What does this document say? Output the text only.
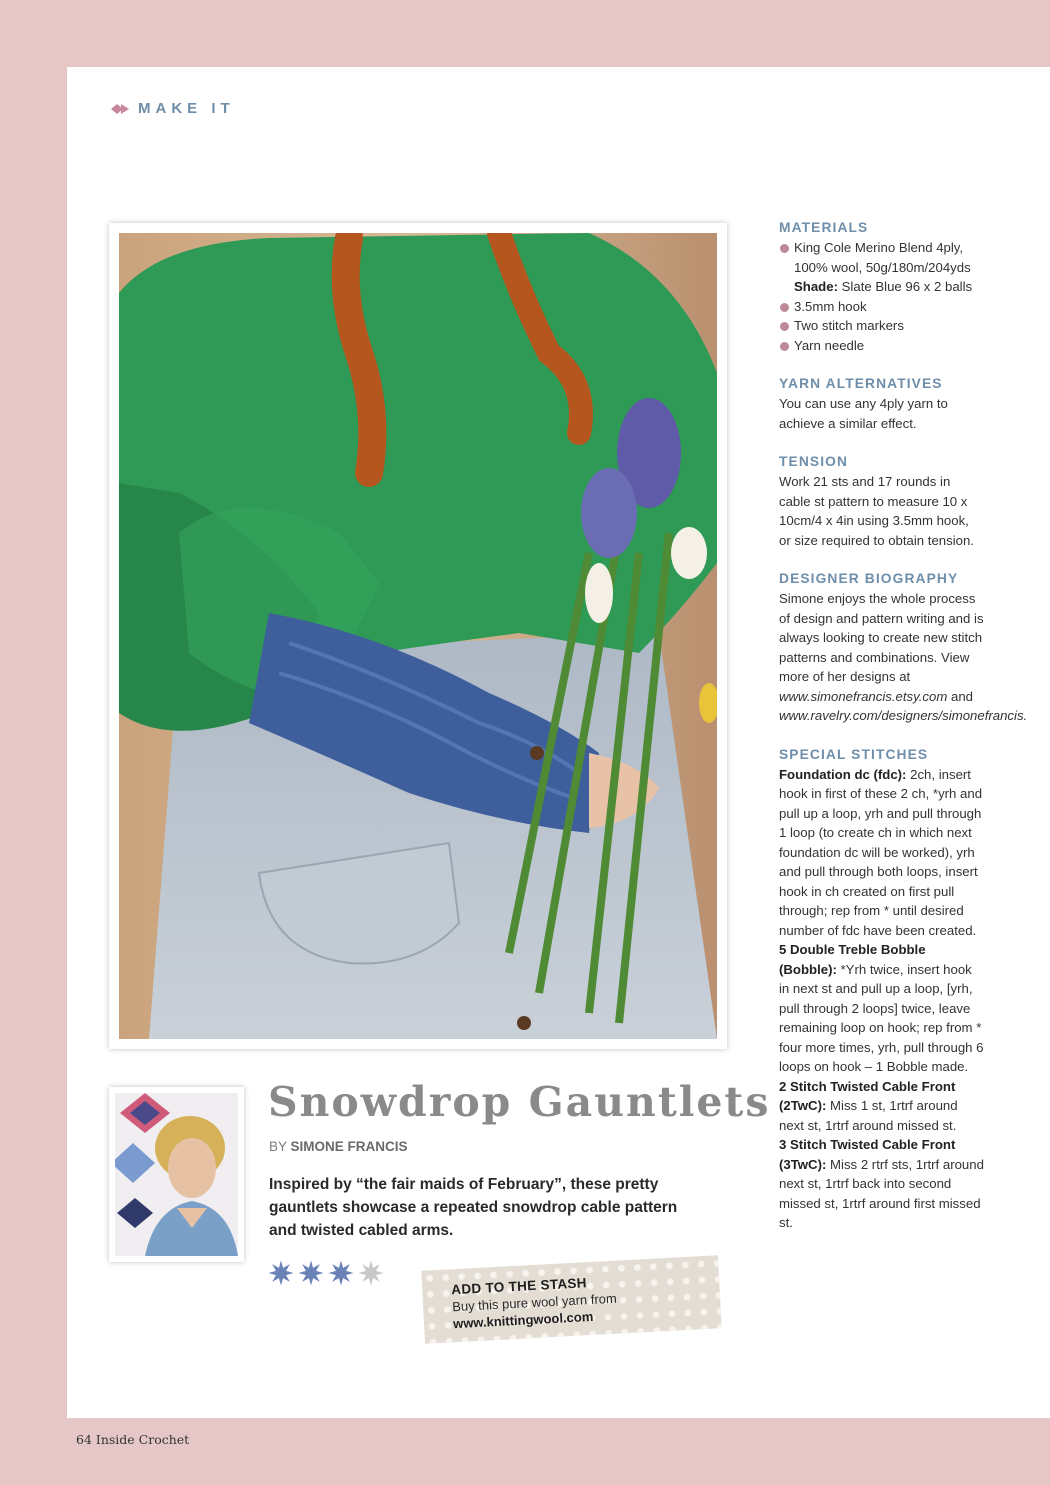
MAKE IT
Snowdrop Gauntlets
BY SIMONE FRANCIS

Inspired by “the fair maids of February”, these pretty gauntlets showcase a repeated snowdrop cable pattern and twisted cabled arms.

ADD TO THE STASH
Buy this pure wool yarn from
www.knittingwool.com
MATERIALS
King Cole Merino Blend 4ply, 100% wool, 50g/180m/204yds
Shade: Slate Blue 96 x 2 balls
3.5mm hook
Two stitch markers
Yarn needle
YARN ALTERNATIVES

You can use any 4ply yarn to achieve a similar effect.

TENSION

Work 21 sts and 17 rounds in cable st pattern to measure 10 x 10cm/4 x 4in using 3.5mm hook, or size required to obtain tension.

DESIGNER BIOGRAPHY

Simone enjoys the whole process of design and pattern writing and is always looking to create new stitch patterns and combinations. View more of her designs at www.simonefrancis.etsy.com and www.ravelry.com/designers/simonefrancis.

SPECIAL STITCHES

Foundation dc (fdc): 2ch, insert hook in first of these 2 ch, *yrh and pull up a loop, yrh and pull through 1 loop (to create ch in which next foundation dc will be worked), yrh and pull through both loops, insert hook in ch created on first pull through; rep from * until desired number of fdc have been created.

5 Double Treble Bobble (Bobble): *Yrh twice, insert hook in next st and pull up a loop, [yrh, pull through 2 loops] twice, leave remaining loop on hook; rep from * four more times, yrh, pull through 6 loops on hook – 1 Bobble made.

2 Stitch Twisted Cable Front (2TwC): Miss 1 st, 1rtrf around next st, 1rtrf around missed st.

3 Stitch Twisted Cable Front (3TwC): Miss 2 rtrf sts, 1rtrf around next st, 1rtrf back into second missed st, 1rtrf around first missed st.

64 Inside Crochet
